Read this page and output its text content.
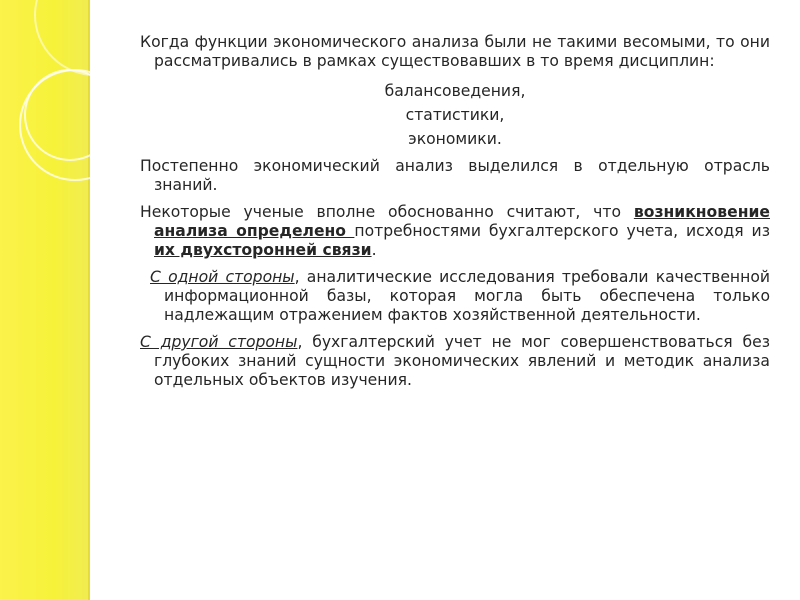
Когда функции экономического анализа были не такими весомыми, то они рассматривались в рамках существовавших в то время дисциплин:

балансоведения,

статистики,

экономики.

Постепенно экономический анализ выделился в отдельную отрасль знаний.

Некоторые ученые вполне обоснованно считают, что возникновение анализа определено потребностями бухгалтерского учета, исходя из их двухсторонней связи.

С одной стороны, аналитические исследования требовали качественной информационной базы, которая могла быть обеспечена только надлежащим отражением фактов хозяйственной деятельности.

С другой стороны, бухгалтерский учет не мог совершенствоваться без глубоких знаний сущности экономических явлений и методик анализа отдельных объектов изучения.
